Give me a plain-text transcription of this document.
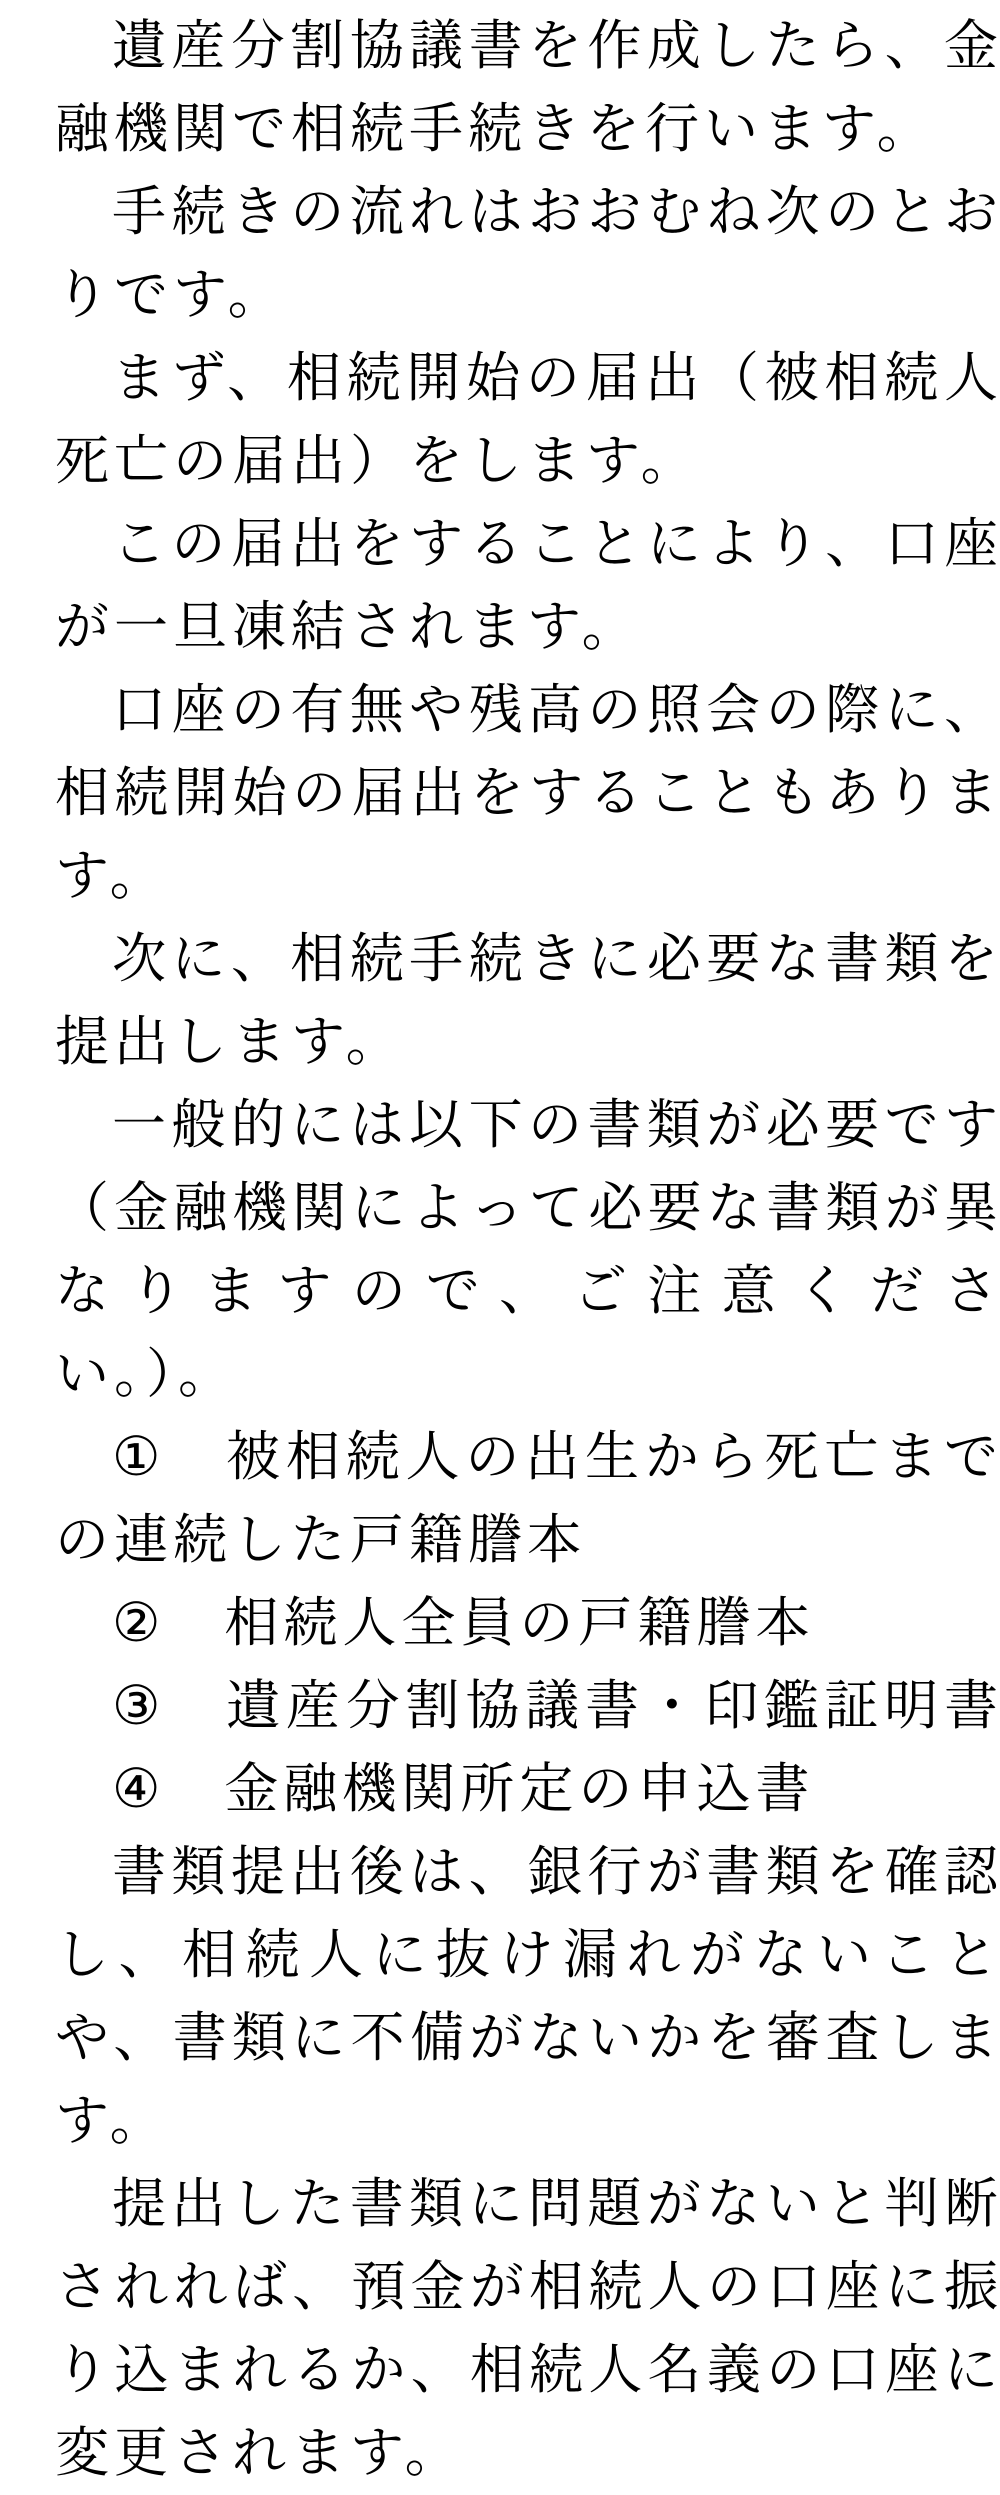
遺産分割協議書を作成したら、金
融機関で相続手続きを行います。

手続きの流れはおおむね次のとお
りです。

まず、相続開始の届出（被相続人
死亡の届出）をします。

この届出をすることにより、口座
が一旦凍結されます。

口座の有無や残高の照会の際に、
相続開始の届出をすることもありま
す。

次に、相続手続きに必要な書類を
提出します。

一般的には以下の書類が必要です
（金融機関によって必要な書類が異
なりますので、ご注意くださ
い。）。

①　被相続人の出生から死亡まで
の連続した戸籍謄本

②　相続人全員の戸籍謄本

③　遺産分割協議書・印鑑証明書

④　金融機関所定の申込書

書類提出後は、銀行が書類を確認
し、相続人に抜け漏れがないこと
や、書類に不備がないかを審査しま
す。

提出した書類に問題がないと判断
されれば、預金が相続人の口座に振
り込まれるか、相続人名義の口座に
変更されます。
